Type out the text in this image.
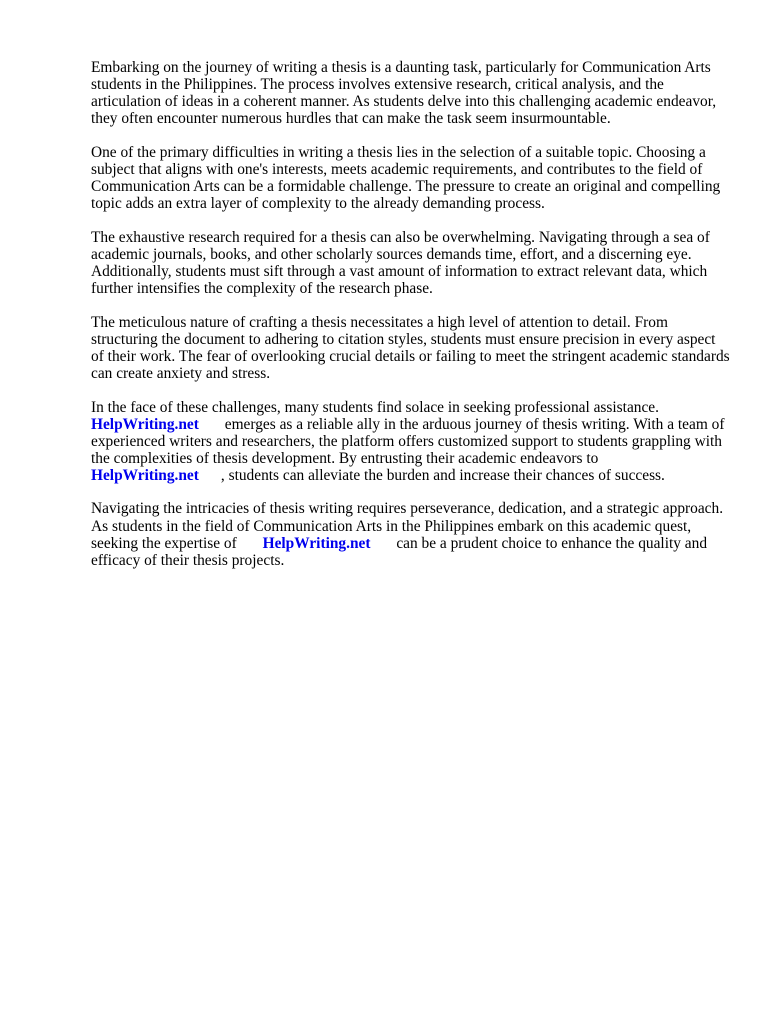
Embarking on the journey of writing a thesis is a daunting task, particularly for Communication Arts students in the Philippines. The process involves extensive research, critical analysis, and the articulation of ideas in a coherent manner. As students delve into this challenging academic endeavor, they often encounter numerous hurdles that can make the task seem insurmountable.

One of the primary difficulties in writing a thesis lies in the selection of a suitable topic. Choosing a subject that aligns with one's interests, meets academic requirements, and contributes to the field of Communication Arts can be a formidable challenge. The pressure to create an original and compelling topic adds an extra layer of complexity to the already demanding process.

The exhaustive research required for a thesis can also be overwhelming. Navigating through a sea of academic journals, books, and other scholarly sources demands time, effort, and a discerning eye. Additionally, students must sift through a vast amount of information to extract relevant data, which further intensifies the complexity of the research phase.

The meticulous nature of crafting a thesis necessitates a high level of attention to detail. From structuring the document to adhering to citation styles, students must ensure precision in every aspect of their work. The fear of overlooking crucial details or failing to meet the stringent academic standards can create anxiety and stress.

In the face of these challenges, many students find solace in seeking professional assistance.
HelpWriting.net emerges as a reliable ally in the arduous journey of thesis writing. With a team of experienced writers and researchers, the platform offers customized support to students grappling with the complexities of thesis development. By entrusting their academic endeavors to
HelpWriting.net , students can alleviate the burden and increase their chances of success.

Navigating the intricacies of thesis writing requires perseverance, dedication, and a strategic approach. As students in the field of Communication Arts in the Philippines embark on this academic quest, seeking the expertise of HelpWriting.net can be a prudent choice to enhance the quality and efficacy of their thesis projects.
